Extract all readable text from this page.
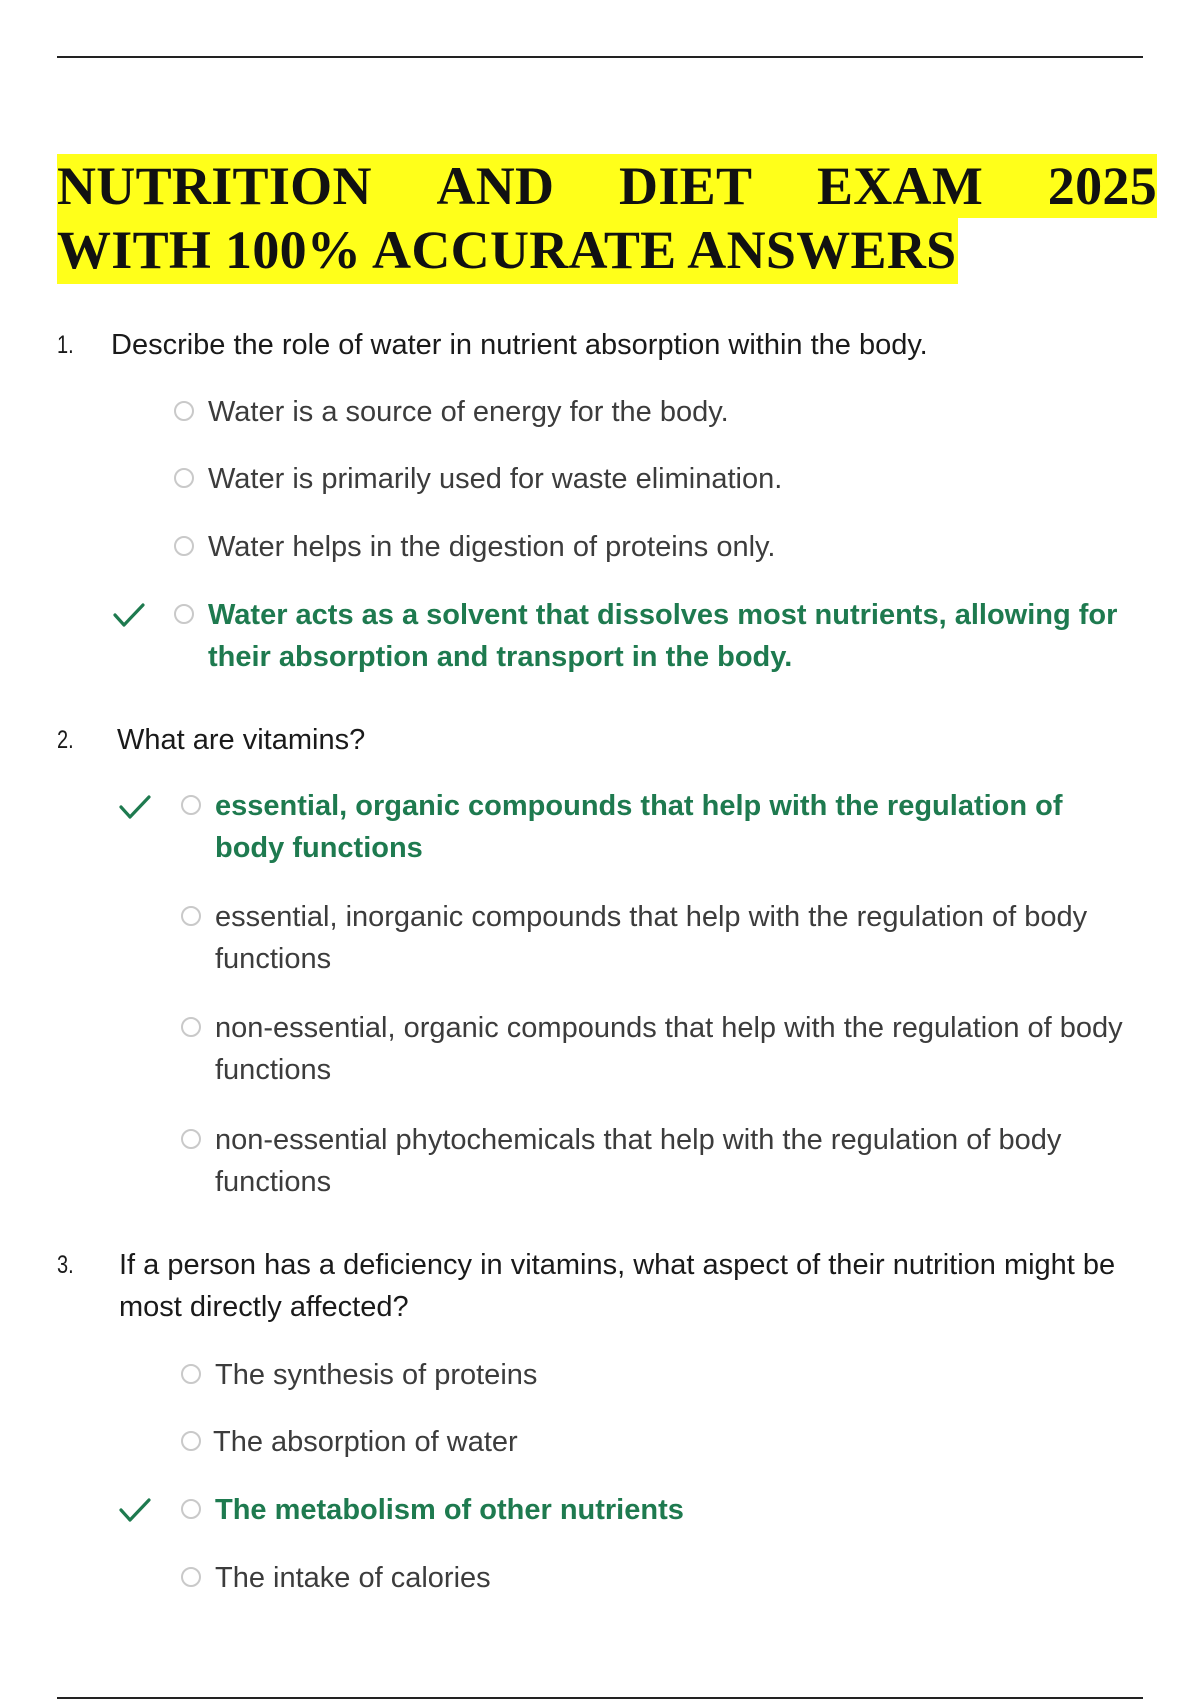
NUTRITION AND DIET EXAM 2025
WITH 100% ACCURATE ANSWERS
1. Describe the role of water in nutrient absorption within the body.
Water is a source of energy for the body.
Water is primarily used for waste elimination.
Water helps in the digestion of proteins only.
Water acts as a solvent that dissolves most nutrients, allowing for their absorption and transport in the body.
2. What are vitamins?
essential, organic compounds that help with the regulation of body functions
essential, inorganic compounds that help with the regulation of body functions
non-essential, organic compounds that help with the regulation of body functions
non-essential phytochemicals that help with the regulation of body functions
3. If a person has a deficiency in vitamins, what aspect of their nutrition might be most directly affected?
The synthesis of proteins
The absorption of water
The metabolism of other nutrients
The intake of calories
